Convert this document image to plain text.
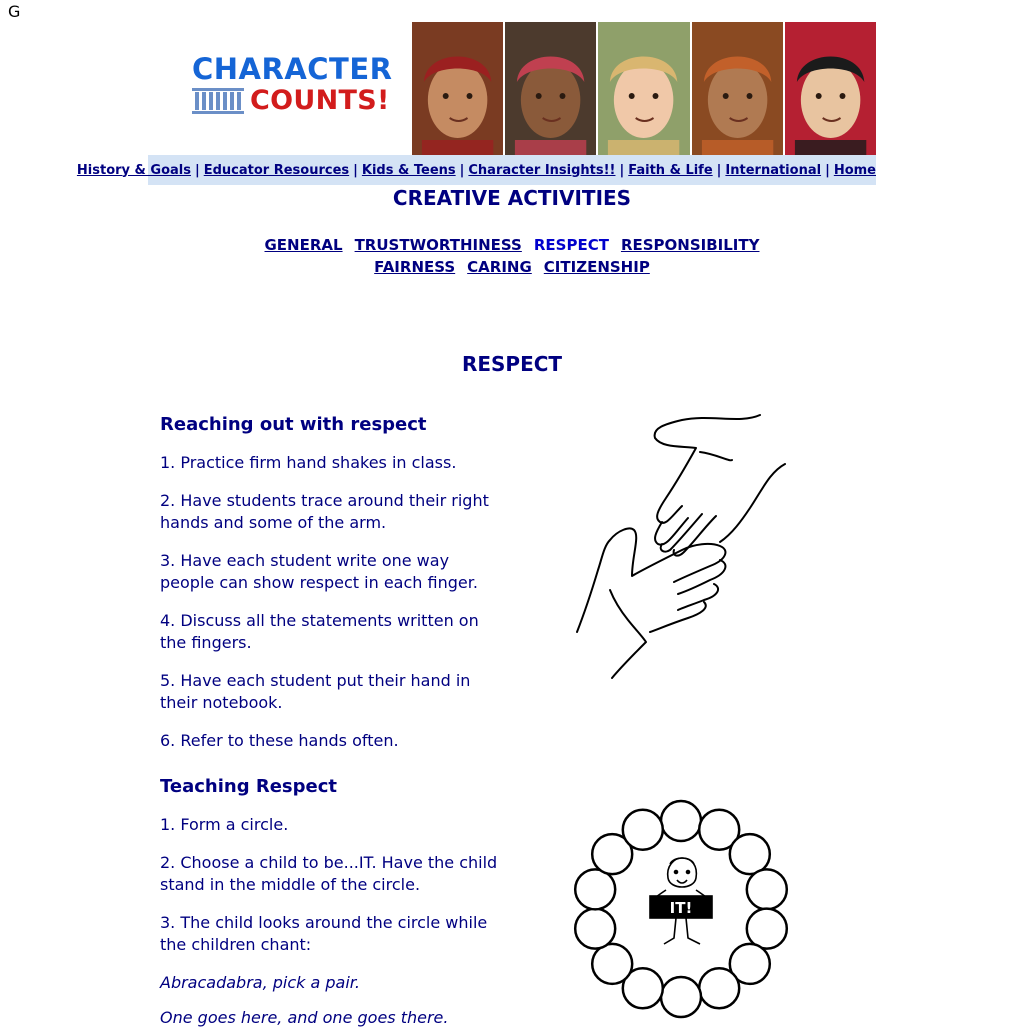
G
CHARACTER
COUNTS!
History & Goals | Educator Resources | Kids & Teens | Character Insights!! | Faith & Life | International | Home
CREATIVE ACTIVITIES
GENERAL TRUSTWORTHINESS RESPECT RESPONSIBILITY
FAIRNESS CARING CITIZENSHIP
RESPECT
Reaching out with respect

1. Practice firm hand shakes in class.

2. Have students trace around their right hands and some of the arm.

3. Have each student write one way people can show respect in each finger.

4. Discuss all the statements written on the fingers.

5. Have each student put their hand in their notebook.

6. Refer to these hands often.

Teaching Respect

1. Form a circle.

2. Choose a child to be...IT. Have the child stand in the middle of the circle.

3. The child looks around the circle while the children chant:

Abracadabra, pick a pair.

One goes here, and one goes there.

IT!
